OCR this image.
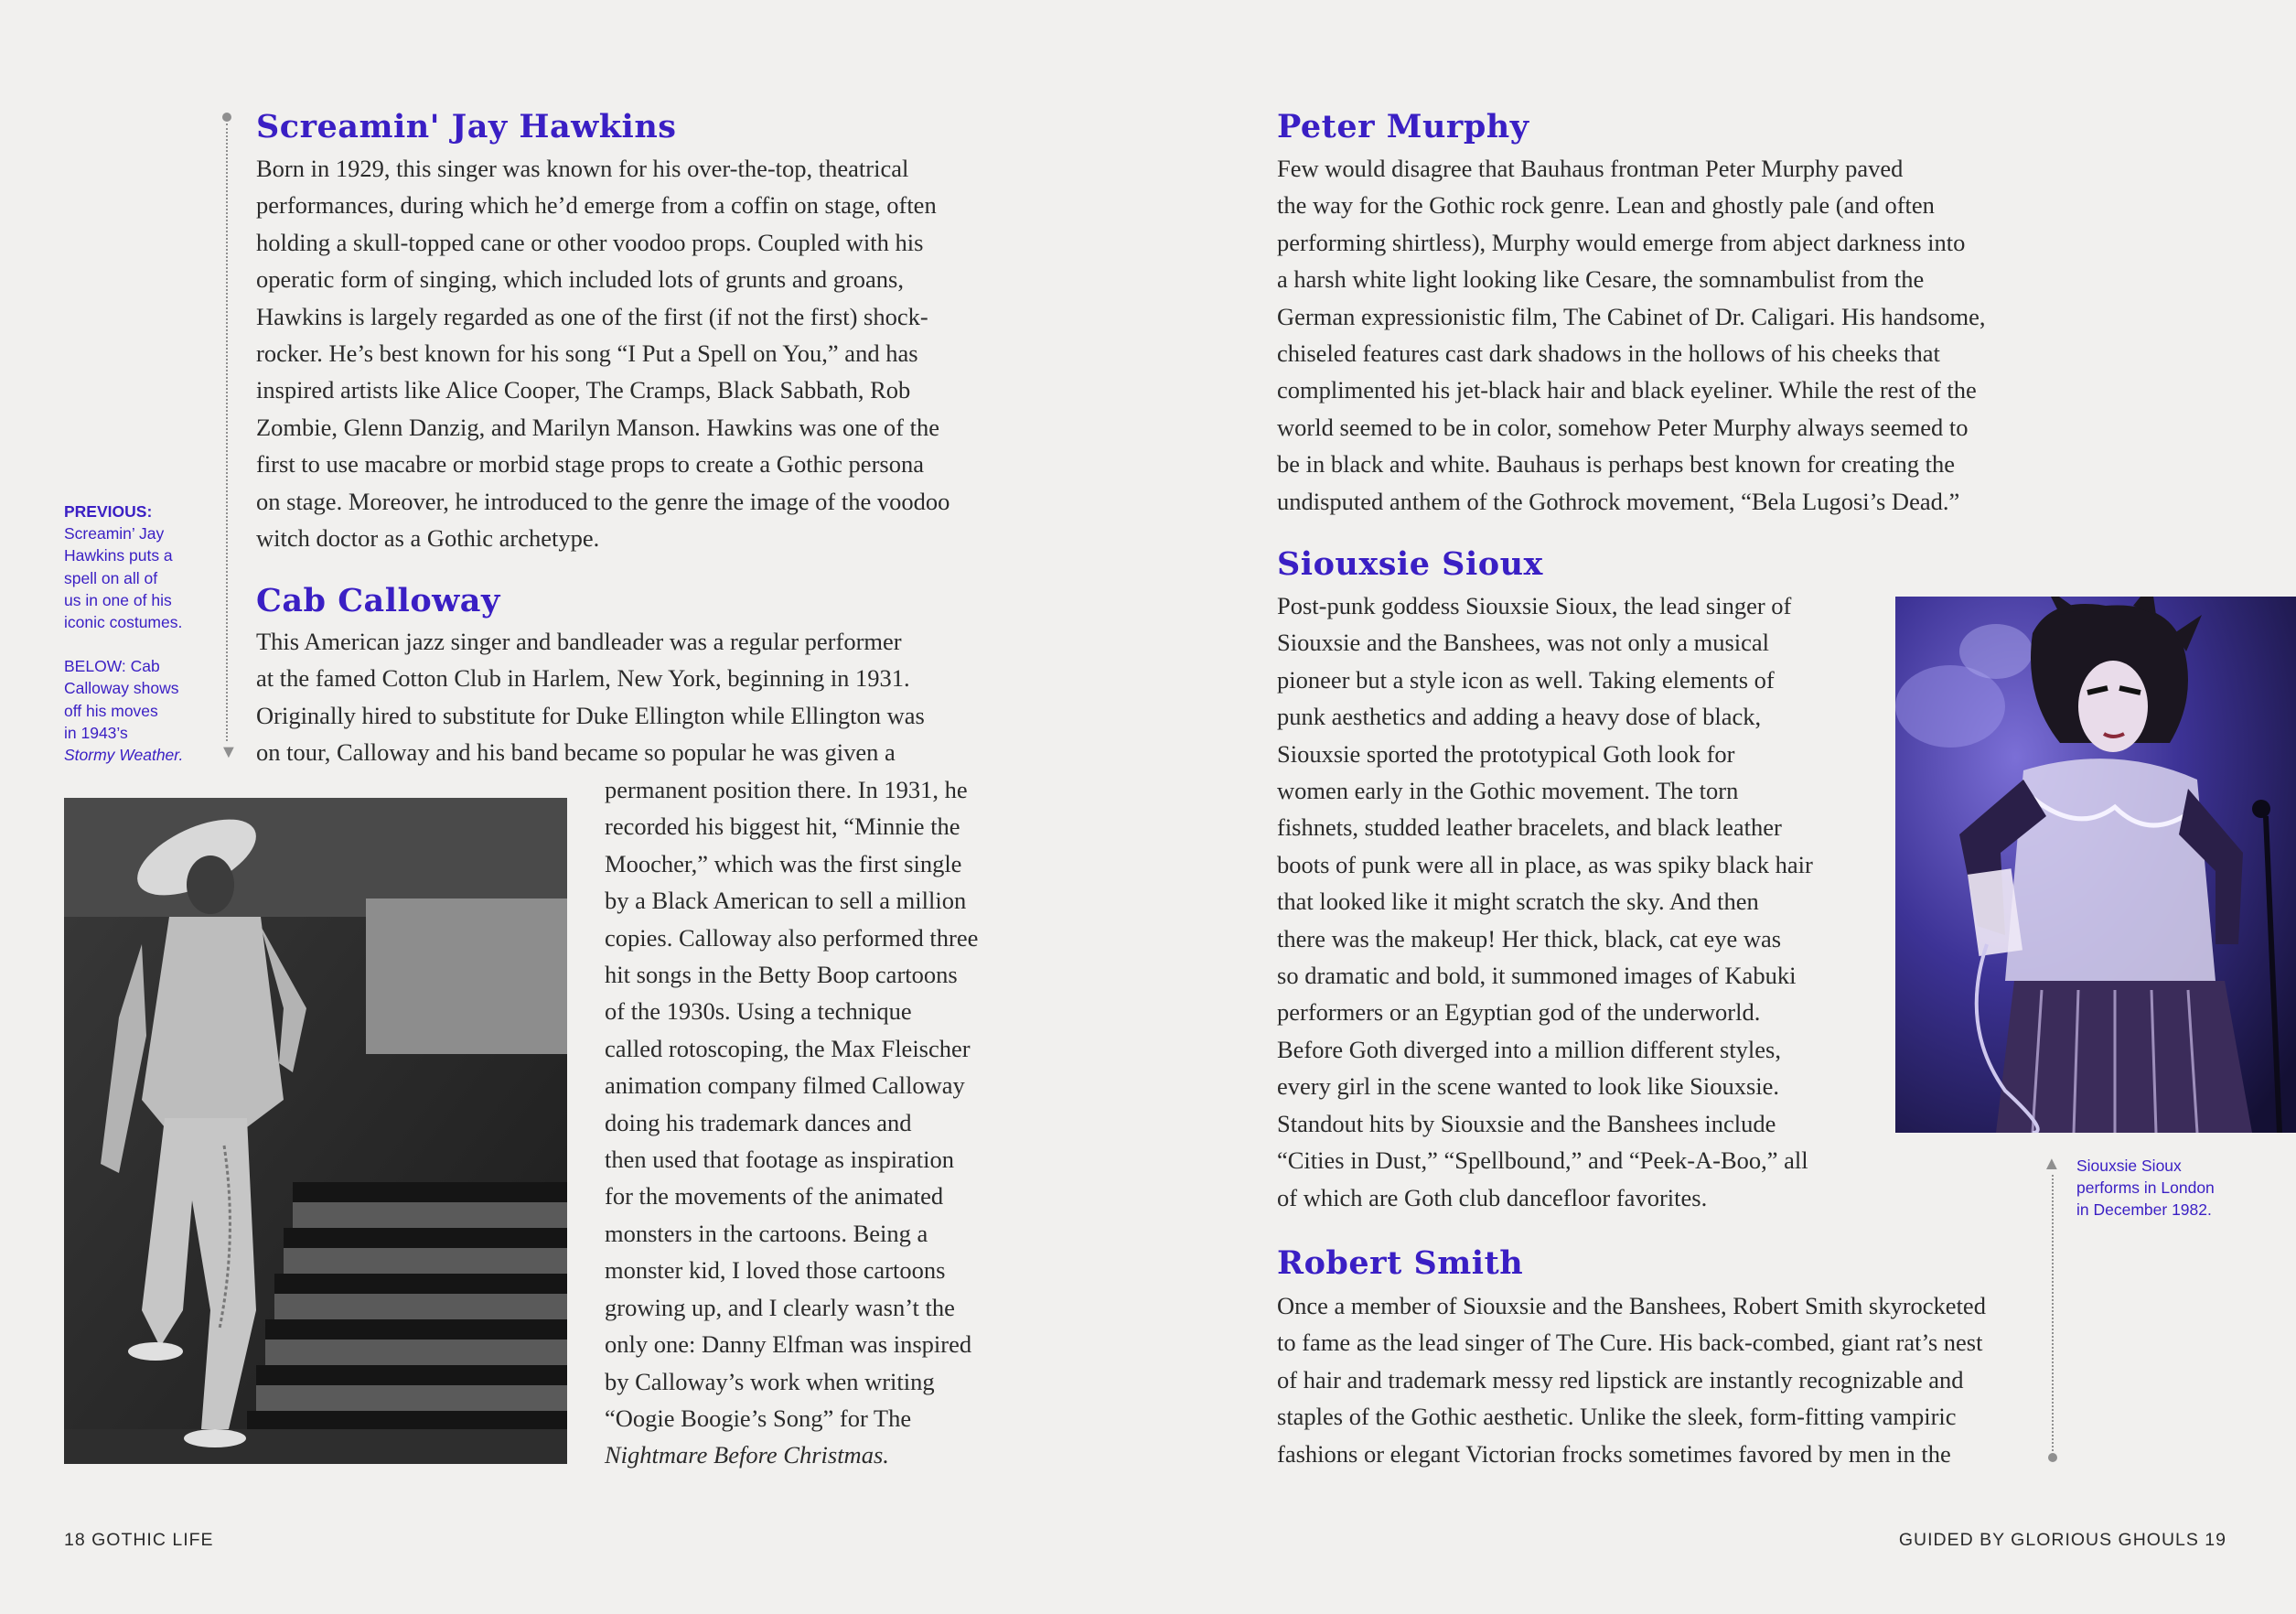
Screamin' Jay Hawkins
Born in 1929, this singer was known for his over-the-top, theatrical
performances, during which he’d emerge from a coffin on stage, often
holding a skull-topped cane or other voodoo props. Coupled with his
operatic form of singing, which included lots of grunts and groans,
Hawkins is largely regarded as one of the first (if not the first) shock-
rocker. He’s best known for his song “I Put a Spell on You,” and has
inspired artists like Alice Cooper, The Cramps, Black Sabbath, Rob
Zombie, Glenn Danzig, and Marilyn Manson. Hawkins was one of the
first to use macabre or morbid stage props to create a Gothic persona
on stage. Moreover, he introduced to the genre the image of the voodoo
witch doctor as a Gothic archetype.
▼
PREVIOUS:
Screamin’ Jay
Hawkins puts a
spell on all of
us in one of his
iconic costumes.
BELOW: Cab
Calloway shows
off his moves
in 1943’s
Stormy Weather.
Cab Calloway
This American jazz singer and bandleader was a regular performer
at the famed Cotton Club in Harlem, New York, beginning in 1931.
Originally hired to substitute for Duke Ellington while Ellington was
on tour, Calloway and his band became so popular he was given a
permanent position there. In 1931, he
recorded his biggest hit, “Minnie the
Moocher,” which was the first single
by a Black American to sell a million
copies. Calloway also performed three
hit songs in the Betty Boop cartoons
of the 1930s. Using a technique
called rotoscoping, the Max Fleischer
animation company filmed Calloway
doing his trademark dances and
then used that footage as inspiration
for the movements of the animated
monsters in the cartoons. Being a
monster kid, I loved those cartoons
growing up, and I clearly wasn’t the
only one: Danny Elfman was inspired
by Calloway’s work when writing
“Oogie Boogie’s Song” for The
Nightmare Before Christmas.
18 GOTHIC LIFE
Peter Murphy
Few would disagree that Bauhaus frontman Peter Murphy paved
the way for the Gothic rock genre. Lean and ghostly pale (and often
performing shirtless), Murphy would emerge from abject darkness into
a harsh white light looking like Cesare, the somnambulist from the
German expressionistic film, The Cabinet of Dr. Caligari. His handsome,
chiseled features cast dark shadows in the hollows of his cheeks that
complimented his jet-black hair and black eyeliner. While the rest of the
world seemed to be in color, somehow Peter Murphy always seemed to
be in black and white. Bauhaus is perhaps best known for creating the
undisputed anthem of the Gothrock movement, “Bela Lugosi’s Dead.”
Siouxsie Sioux
Post-punk goddess Siouxsie Sioux, the lead singer of
Siouxsie and the Banshees, was not only a musical
pioneer but a style icon as well. Taking elements of
punk aesthetics and adding a heavy dose of black,
Siouxsie sported the prototypical Goth look for
women early in the Gothic movement. The torn
fishnets, studded leather bracelets, and black leather
boots of punk were all in place, as was spiky black hair
that looked like it might scratch the sky. And then
there was the makeup! Her thick, black, cat eye was
so dramatic and bold, it summoned images of Kabuki
performers or an Egyptian god of the underworld.
Before Goth diverged into a million different styles,
every girl in the scene wanted to look like Siouxsie.
Standout hits by Siouxsie and the Banshees include
“Cities in Dust,” “Spellbound,” and “Peek-A-Boo,” all
of which are Goth club dancefloor favorites.
▲ Siouxsie Sioux
performs in London
in December 1982.
Robert Smith
Once a member of Siouxsie and the Banshees, Robert Smith skyrocketed
to fame as the lead singer of The Cure. His back-combed, giant rat’s nest
of hair and trademark messy red lipstick are instantly recognizable and
staples of the Gothic aesthetic. Unlike the sleek, form-fitting vampiric
fashions or elegant Victorian frocks sometimes favored by men in the
GUIDED BY GLORIOUS GHOULS 19
